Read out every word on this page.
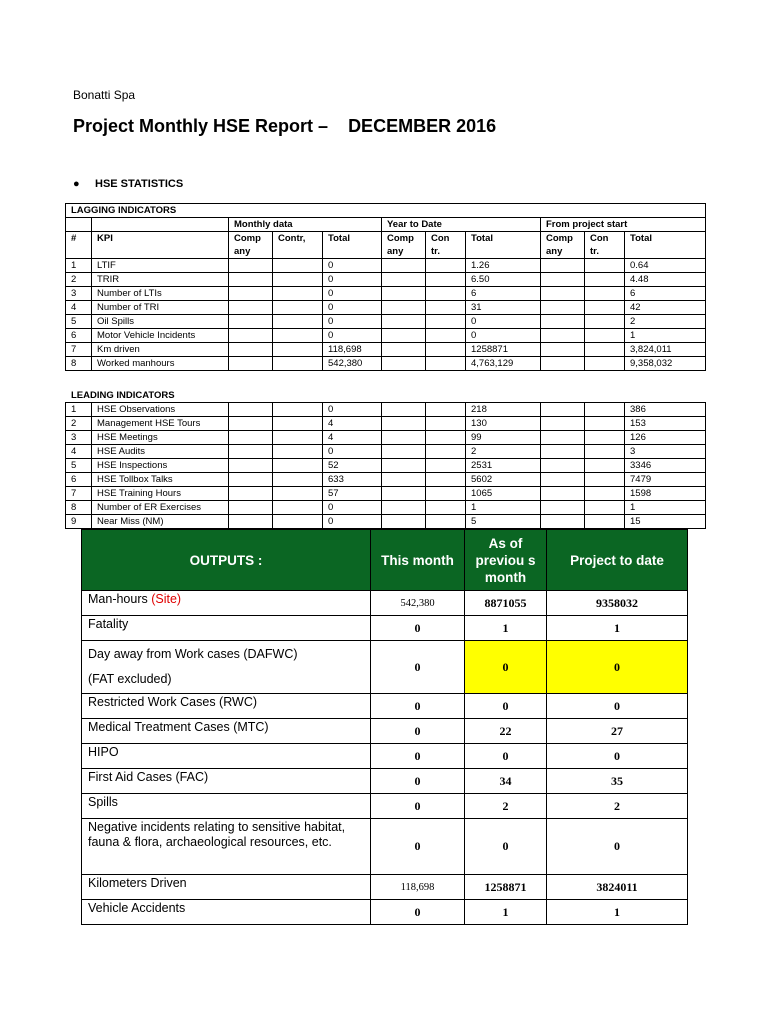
Bonatti Spa
Project Monthly HSE Report – DECEMBER 2016
● HSE STATISTICS
LAGGING INDICATORS										
		Monthly data			Year to Date			From project start		
#	KPI	Comp any	Contr,	Total	Comp any	Con tr.	Total	Comp any	Con tr.	Total
1	LTIF			0			1.26			0.64
2	TRIR			0			6.50			4.48
3	Number of LTIs			0			6			6
4	Number of TRI			0			31			42
5	Oil Spills			0			0			2
6	Motor Vehicle Incidents			0			0			1
7	Km driven			118,698			1258871			3,824,011
8	Worked manhours			542,380			4,763,129			9,358,032
LEADING INDICATORS
1	HSE Observations			0			218			386
2	Management HSE Tours			4			130			153
3	HSE Meetings			4			99			126
4	HSE Audits			0			2			3
5	HSE Inspections			52			2531			3346
6	HSE Tollbox Talks			633			5602			7479
7	HSE Training Hours			57			1065			1598
8	Number of ER Exercises			0			1			1
9	Near Miss (NM)			0			5			15
OUTPUTS :	This month	As of previou s month	Project to date
Man-hours (Site)	542,380	8871055	9358032
Fatality	0	1	1
Day away from Work cases (DAFWC)
(FAT excluded)	0	0	0
Restricted Work Cases (RWC)	0	0	0
Medical Treatment Cases (MTC)	0	22	27
HIPO	0	0	0
First Aid Cases (FAC)	0	34	35
Spills	0	2	2
Negative incidents relating to sensitive habitat, fauna & flora, archaeological resources, etc.	0	0	0
Kilometers Driven	118,698	1258871	3824011
Vehicle Accidents	0	1	1
